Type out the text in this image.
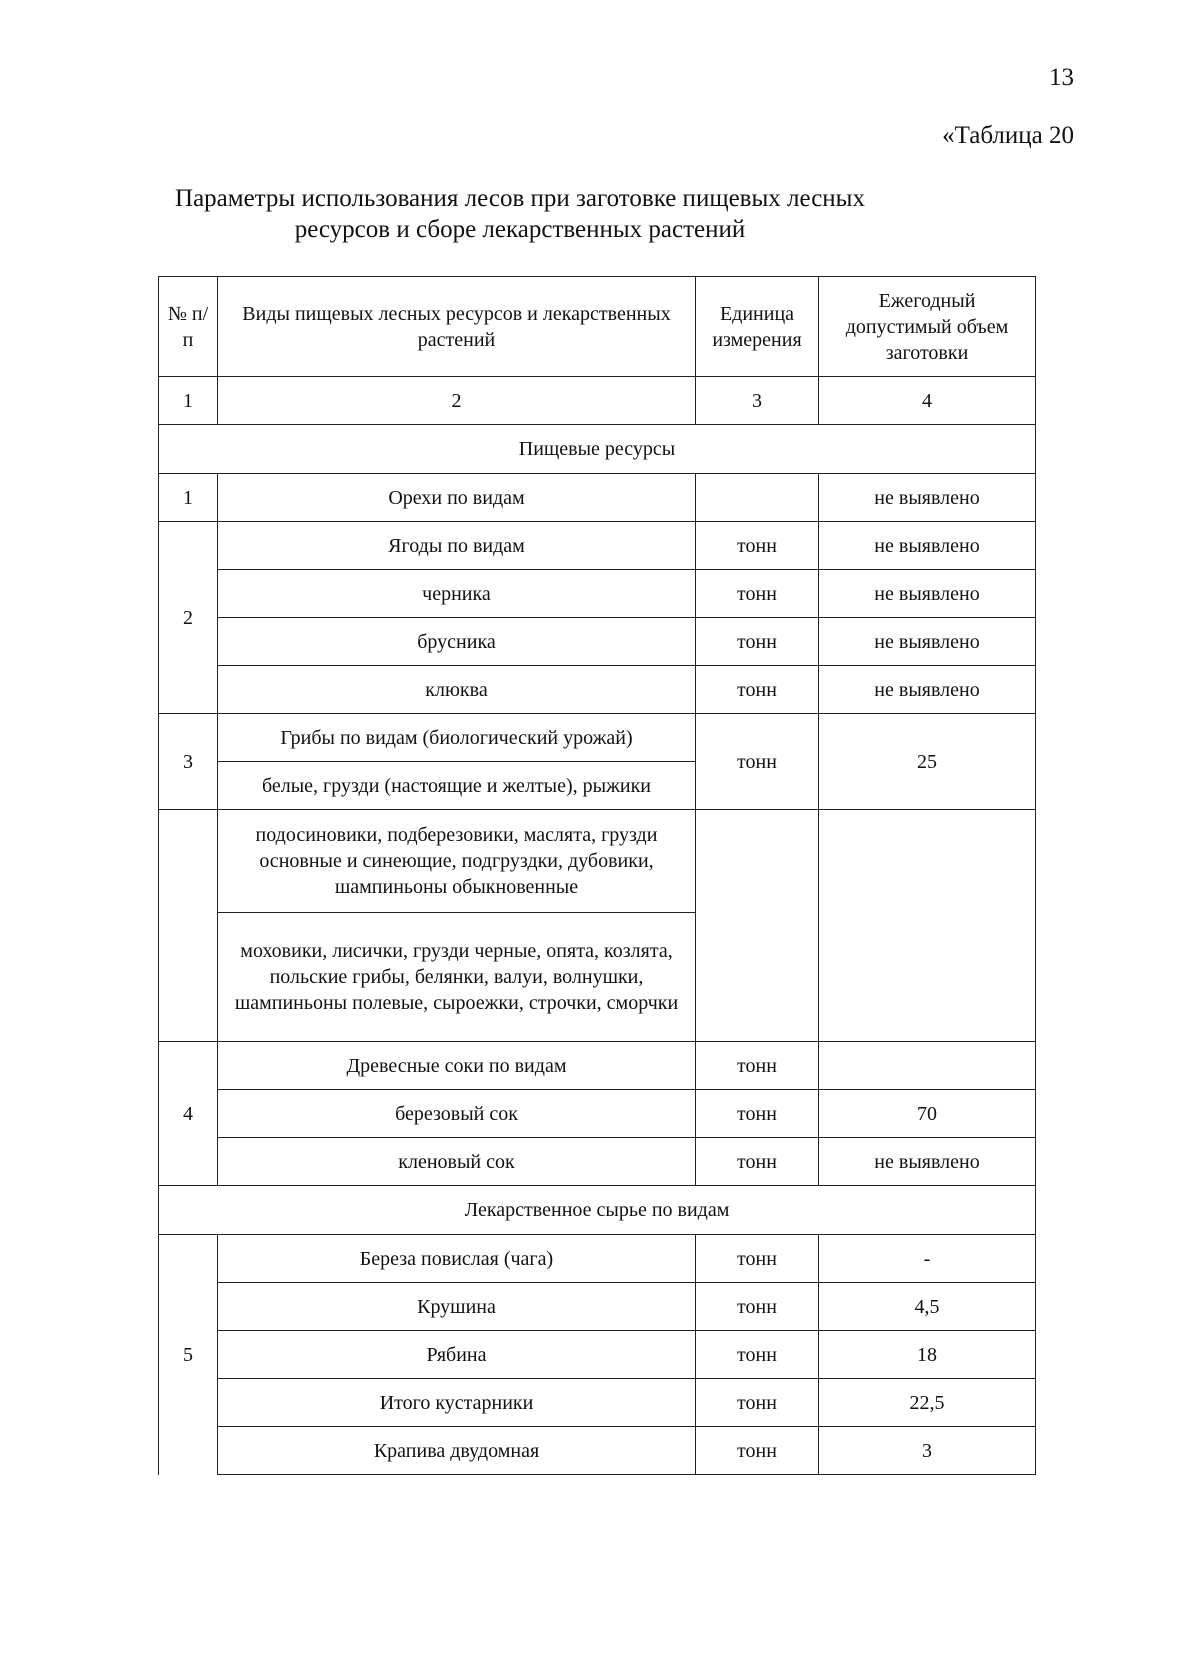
13
«Таблица 20
Параметры использования лесов при заготовке пищевых лесных ресурсов и сборе лекарственных растений
№ п/п	Виды пищевых лесных ресурсов и лекарственных растений	Единица измерения	Ежегодный допустимый объем заготовки
1	2	3	4
Пищевые ресурсы			
1	Орехи по видам		не выявлено
2	Ягоды по видам	тонн	не выявлено
	черника	тонн	не выявлено
	брусника	тонн	не выявлено
	клюква	тонн	не выявлено
3	Грибы по видам (биологический урожай)	тонн	25
	белые, грузди (настоящие и желтые), рыжики		
	подосиновики, подберезовики, маслята, грузди основные и синеющие, подгруздки, дубовики, шампиньоны обыкновенные		
	моховики, лисички, грузди черные, опята, козлята, польские грибы, белянки, валуи, волнушки, шампиньоны полевые, сыроежки, строчки, сморчки		
4	Древесные соки по видам	тонн	
	березовый сок	тонн	70
	кленовый сок	тонн	не выявлено
Лекарственное сырье по видам			
5	Береза повислая (чага)	тонн	-
	Крушина	тонн	4,5
	Рябина	тонн	18
	Итого кустарники	тонн	22,5
	Крапива двудомная	тонн	3
